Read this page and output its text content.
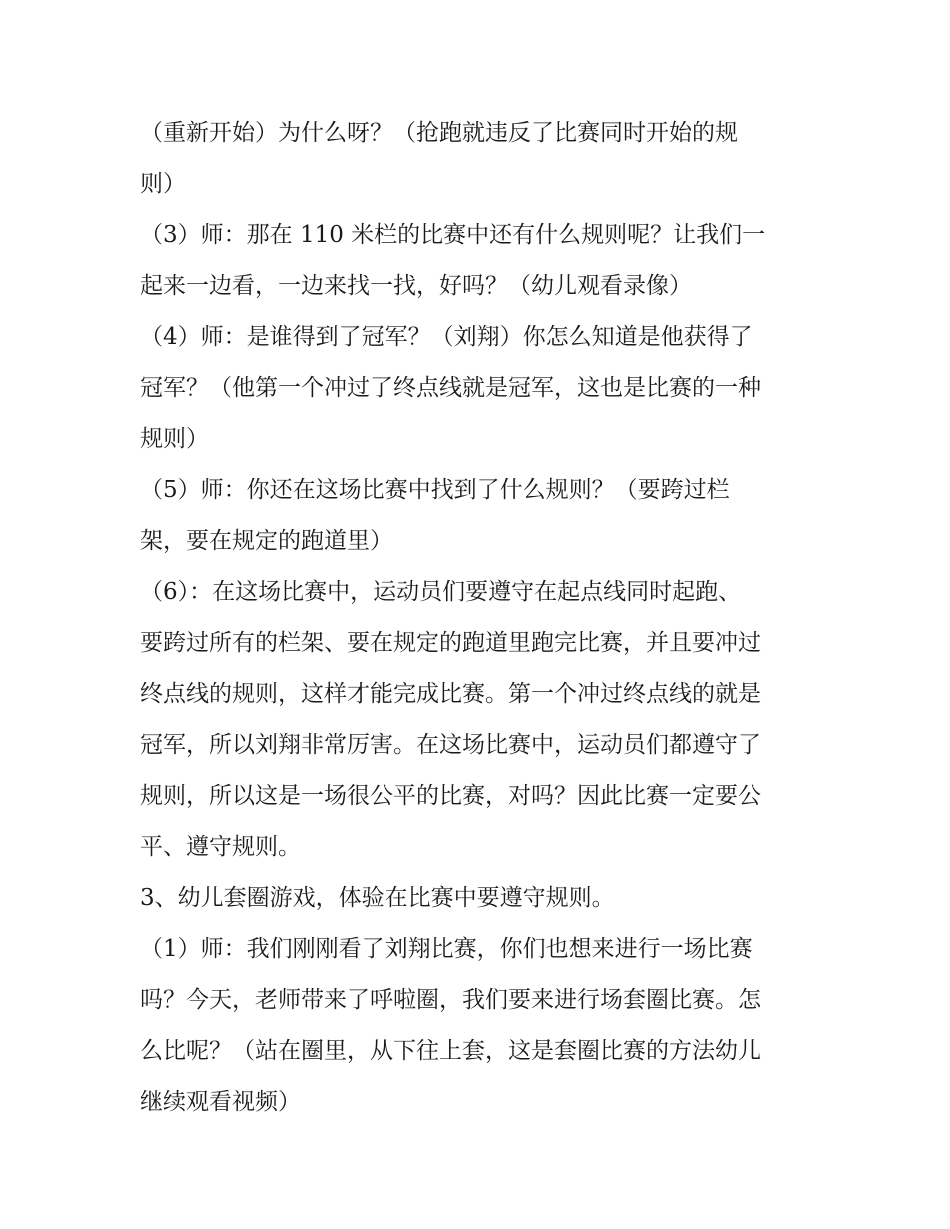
（重新开始）为什么呀？（抢跑就违反了比赛同时开始的规
则）
（3）师：那在 110 米栏的比赛中还有什么规则呢？让我们一
起来一边看，一边来找一找，好吗？（幼儿观看录像）
（4）师：是谁得到了冠军？（刘翔）你怎么知道是他获得了
冠军？（他第一个冲过了终点线就是冠军，这也是比赛的一种
规则）
（5）师：你还在这场比赛中找到了什么规则？（要跨过栏
架，要在规定的跑道里）
（6）：在这场比赛中，运动员们要遵守在起点线同时起跑、
要跨过所有的栏架、要在规定的跑道里跑完比赛，并且要冲过
终点线的规则，这样才能完成比赛。第一个冲过终点线的就是
冠军，所以刘翔非常厉害。在这场比赛中，运动员们都遵守了
规则，所以这是一场很公平的比赛，对吗？因此比赛一定要公
平、遵守规则。
3、幼儿套圈游戏，体验在比赛中要遵守规则。
（1）师：我们刚刚看了刘翔比赛，你们也想来进行一场比赛
吗？今天，老师带来了呼啦圈，我们要来进行场套圈比赛。怎
么比呢？（站在圈里，从下往上套，这是套圈比赛的方法幼儿
继续观看视频）
